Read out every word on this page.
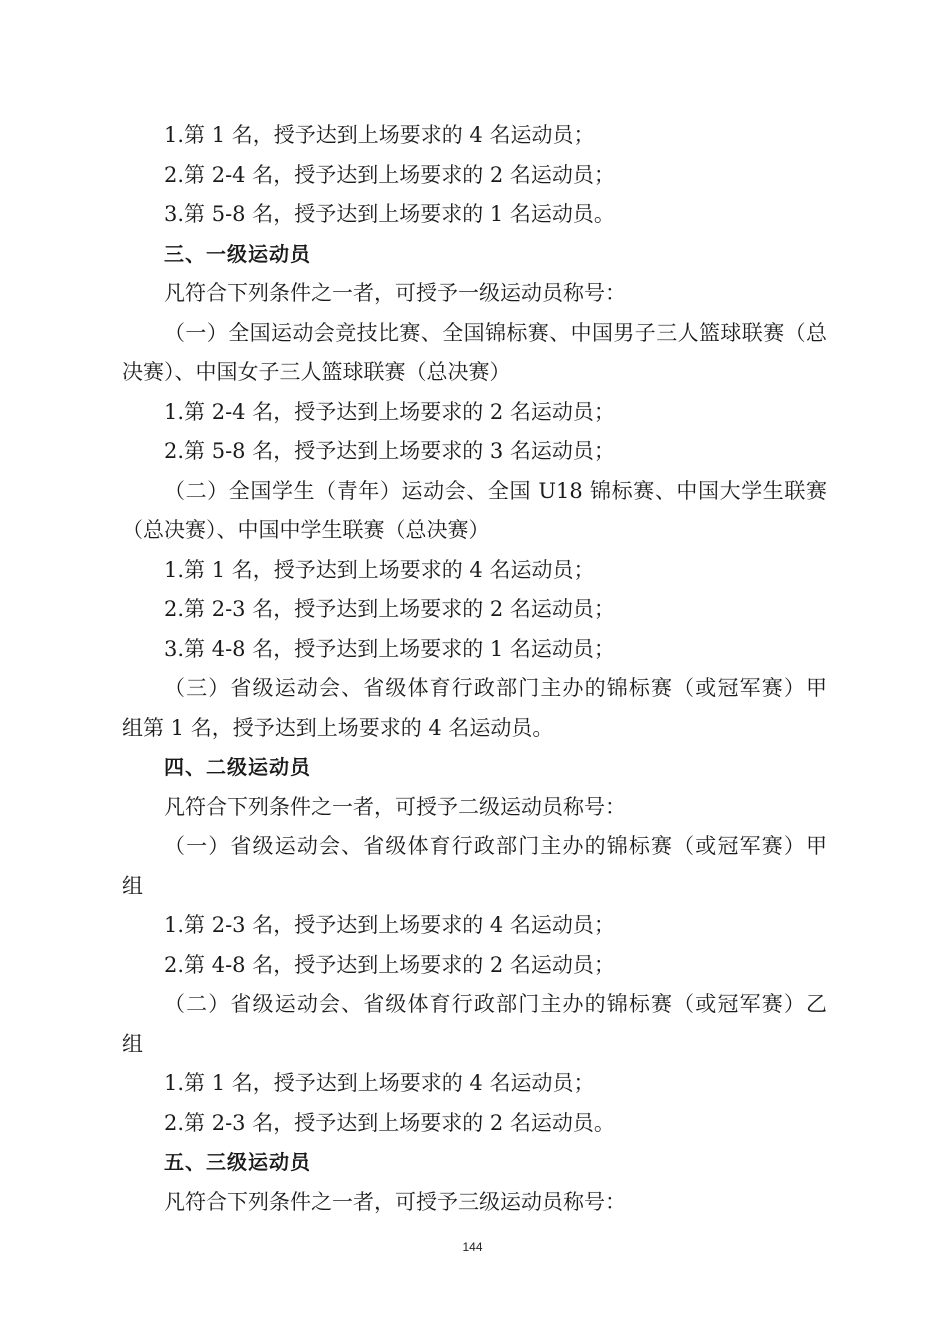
1.第 1 名，授予达到上场要求的 4 名运动员；
2.第 2-4 名，授予达到上场要求的 2 名运动员；
3.第 5-8 名，授予达到上场要求的 1 名运动员。
三、一级运动员
凡符合下列条件之一者，可授予一级运动员称号：
（一）全国运动会竞技比赛、全国锦标赛、中国男子三人篮球联赛（总
决赛）、中国女子三人篮球联赛（总决赛）
1.第 2-4 名，授予达到上场要求的 2 名运动员；
2.第 5-8 名，授予达到上场要求的 3 名运动员；
（二）全国学生（青年）运动会、全国 U18 锦标赛、中国大学生联赛
（总决赛）、中国中学生联赛（总决赛）
1.第 1 名，授予达到上场要求的 4 名运动员；
2.第 2-3 名，授予达到上场要求的 2 名运动员；
3.第 4-8 名，授予达到上场要求的 1 名运动员；
（三）省级运动会、省级体育行政部门主办的锦标赛（或冠军赛）甲
组第 1 名，授予达到上场要求的 4 名运动员。
四、二级运动员
凡符合下列条件之一者，可授予二级运动员称号：
（一）省级运动会、省级体育行政部门主办的锦标赛（或冠军赛）甲
组
1.第 2-3 名，授予达到上场要求的 4 名运动员；
2.第 4-8 名，授予达到上场要求的 2 名运动员；
（二）省级运动会、省级体育行政部门主办的锦标赛（或冠军赛）乙
组
1.第 1 名，授予达到上场要求的 4 名运动员；
2.第 2-3 名，授予达到上场要求的 2 名运动员。
五、三级运动员
凡符合下列条件之一者，可授予三级运动员称号：
144
